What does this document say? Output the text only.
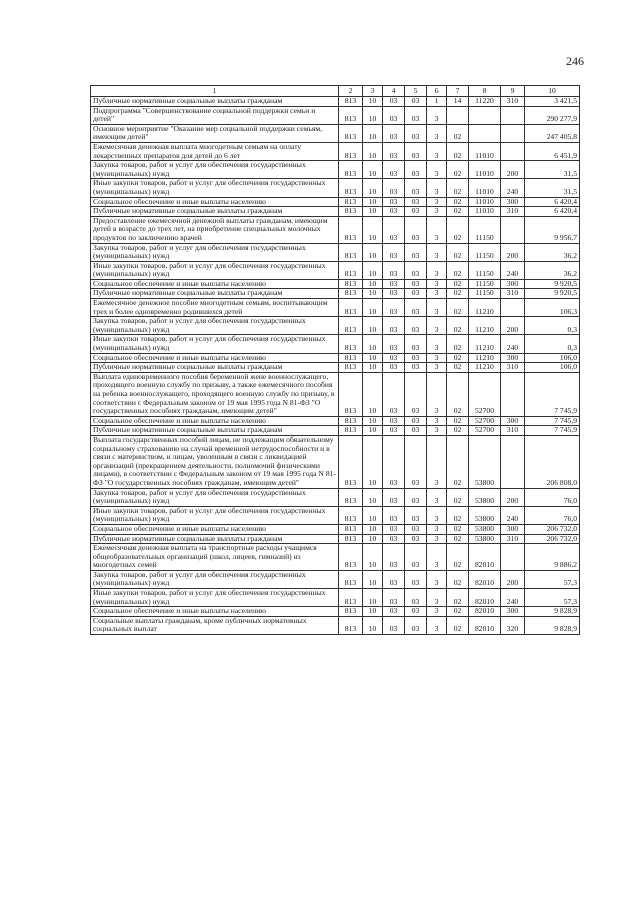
246
1	2	3	4	5	6	7	8	9	10
Публичные нормативные социальные выплаты гражданам	813	10	03	03	1	14	11220	310	3 421,5
Подпрограмма "Совершенствование социальной поддержки семьи и детей"	813	10	03	03	3				290 277,9
Основное мероприятие "Оказание мер социальной поддержки семьям, имеющим детей"	813	10	03	03	3	02			247 405,8
Ежемесячная денежная выплата многодетным семьям на оплату лекарственных препаратов для детей до 6 лет	813	10	03	03	3	02	11010		6 451,9
Закупка товаров, работ и услуг для обеспечения государственных (муниципальных) нужд	813	10	03	03	3	02	11010	200	31,5
Иные закупки товаров, работ и услуг для обеспечения государственных (муниципальных) нужд	813	10	03	03	3	02	11010	240	31,5
Социальное обеспечение и иные выплаты населению	813	10	03	03	3	02	11010	300	6 420,4
Публичные нормативные социальные выплаты гражданам	813	10	03	03	3	02	11010	310	6 420,4
Предоставление ежемесячной денежной выплаты гражданам, имеющим детей в возрасте до трех лет, на приобретение специальных молочных продуктов по заключению врачей	813	10	03	03	3	02	11150		9 956,7
Закупка товаров, работ и услуг для обеспечения государственных (муниципальных) нужд	813	10	03	03	3	02	11150	200	36,2
Иные закупки товаров, работ и услуг для обеспечения государственных (муниципальных) нужд	813	10	03	03	3	02	11150	240	36,2
Социальное обеспечение и иные выплаты населению	813	10	03	03	3	02	11150	300	9 920,5
Публичные нормативные социальные выплаты гражданам	813	10	03	03	3	02	11150	310	9 920,5
Ежемесячное денежное пособие многодетным семьям, воспитывающим трех и более одновременно родившихся детей	813	10	03	03	3	02	11210		106,3
Закупка товаров, работ и услуг для обеспечения государственных (муниципальных) нужд	813	10	03	03	3	02	11210	200	0,3
Иные закупки товаров, работ и услуг для обеспечения государственных (муниципальных) нужд	813	10	03	03	3	02	11210	240	0,3
Социальное обеспечение и иные выплаты населению	813	10	03	03	3	02	11210	300	106,0
Публичные нормативные социальные выплаты гражданам	813	10	03	03	3	02	11210	310	106,0
Выплата единовременного пособия беременной жене военнослужащего, проходящего военную службу по призыву, а также ежемесячного пособия на ребенка военнослужащего, проходящего военную службу по призыву, в соответствии с Федеральным законом от 19 мая 1995 года N 81-ФЗ "О государственных пособиях гражданам, имеющим детей"	813	10	03	03	3	02	52700		7 745,9
Социальное обеспечение и иные выплаты населению	813	10	03	03	3	02	52700	300	7 745,9
Публичные нормативные социальные выплаты гражданам	813	10	03	03	3	02	52700	310	7 745,9
Выплата государственных пособий лицам, не подлежащим обязательному социальному страхованию на случай временной нетрудоспособности и в связи с материнством, и лицам, уволенным в связи с ликвидацией организаций (прекращением деятельности, полномочий физическими лицами), в соответствии с Федеральным законом от 19 мая 1995 года N 81-ФЗ "О государственных пособиях гражданам, имеющим детей"	813	10	03	03	3	02	53800		206 808,0
Закупка товаров, работ и услуг для обеспечения государственных (муниципальных) нужд	813	10	03	03	3	02	53800	200	76,0
Иные закупки товаров, работ и услуг для обеспечения государственных (муниципальных) нужд	813	10	03	03	3	02	53800	240	76,0
Социальное обеспечение и иные выплаты населению	813	10	03	03	3	02	53800	300	206 732,0
Публичные нормативные социальные выплаты гражданам	813	10	03	03	3	02	53800	310	206 732,0
Ежемесячная денежная выплата на транспортные расходы учащимся общеобразовательных организаций (школ, лицеев, гимназий) из многодетных семей	813	10	03	03	3	02	82010		9 886,2
Закупка товаров, работ и услуг для обеспечения государственных (муниципальных) нужд	813	10	03	03	3	02	82010	200	57,3
Иные закупки товаров, работ и услуг для обеспечения государственных (муниципальных) нужд	813	10	03	03	3	02	82010	240	57,3
Социальное обеспечение и иные выплаты населению	813	10	03	03	3	02	82010	300	9 828,9
Социальные выплаты гражданам, кроме публичных нормативных социальных выплат	813	10	03	03	3	02	82010	320	9 828,9
